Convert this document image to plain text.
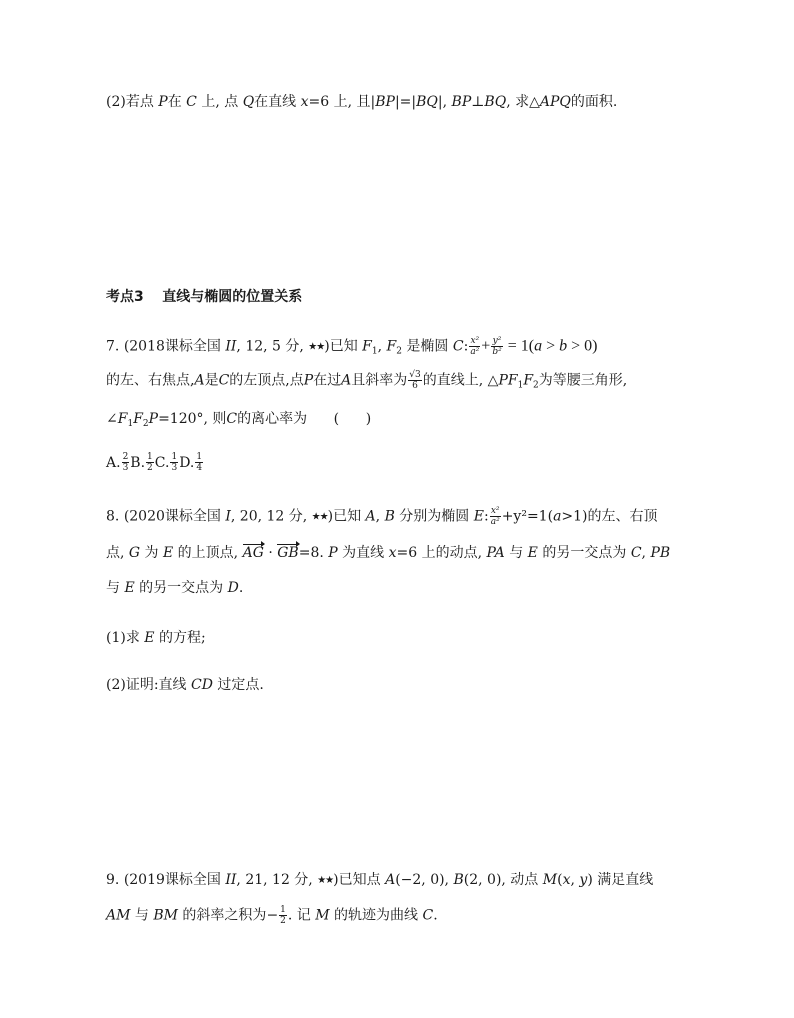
(2)若点 P在 C 上, 点 Q在直线 x=6 上, 且|BP|=|BQ|, BP⊥BQ, 求△APQ的面积.
考点3 直线与椭圆的位置关系
7. (2018课标全国 II, 12, 5 分, ★★)已知 $F_1$, $F_2$ 是椭圆 C: $\frac{\text{x²}}{\text{a²}} + \frac{\text{y²}}{\text{b²}} = 1(a > b > 0)$
的左、右焦点,A是C的左顶点,点P在过A且斜率为 $\frac{√3}{6}$ 的直线上, $\triangle PF_1F_2$为等腰三角形,
$\angle F_1F_2P=120^\circ$, 则C的离心率为 (      )
A. $\frac{2}{3} B$. $\frac{1}{2} C$. $\frac{1}{3} D$. $\frac{1}{4}$
8. (2020课标全国 I, 20, 12 分, ★★)已知 A, B 分别为椭圆 E: $\frac{\text{x²}}{\text{a²}} +y^2=1(a>1)$的左、右顶
点, G 为 E 的上顶点, AG · GB=8. P 为直线 x=6 上的动点, PA 与 E 的另一交点为 C, PB
与 E 的另一交点为 D.
(1)求 E 的方程;
(2)证明:直线 CD 过定点.
9. (2019课标全国 II, 21, 12 分, ★★)已知点 A(−2, 0), B(2, 0), 动点 M(x, y) 满足直线
AM 与 BM 的斜率之积为− $\frac{1}{2}$ . 记 M 的轨迹为曲线 C.
